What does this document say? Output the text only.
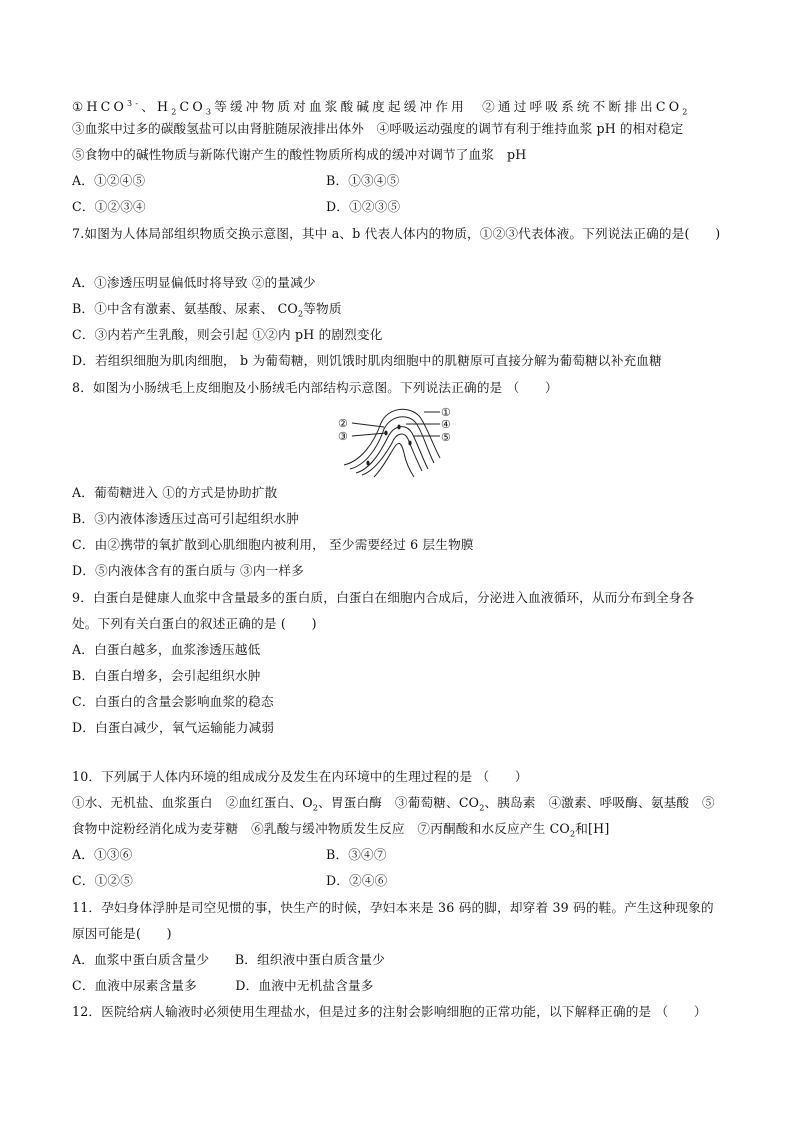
$①HCO^{3-}$、$H_2CO_3$等缓冲物质对血浆酸碱度起缓冲作用 ②通过呼吸系统不断排出$CO_2$
③血浆中过多的碳酸氢盐可以由肾脏随尿液排出体外　④呼吸运动强度的调节有利于维持血浆 pH 的相对稳定
⑤食物中的碱性物质与新陈代谢产生的酸性物质所构成的缓冲对调节了血浆　pH
A．①②④⑤	B．①③④⑤
C．①②③④	D．①②③⑤
7.如图为人体局部组织物质交换示意图，其中 a、b 代表人体内的物质，①②③代表体液。下列说法正确的是(　　)
A．①渗透压明显偏低时将导致 ②的量减少
B．①中含有激素、氨基酸、尿素、 $CO_2$等物质
C．③内若产生乳酸，则会引起 ①②内 pH 的剧烈变化
D．若组织细胞为肌肉细胞， b 为葡萄糖，则饥饿时肌肉细胞中的肌糖原可直接分解为葡萄糖以补充血糖
8．如图为小肠绒毛上皮细胞及小肠绒毛内部结构示意图。下列说法正确的是 （　　）
①
②
③
④
⑤
A．葡萄糖进入 ①的方式是协助扩散
B．③内液体渗透压过高可引起组织水肿
C．由②携带的氧扩散到心肌细胞内被利用， 至少需要经过 6 层生物膜
D．⑤内液体含有的蛋白质与 ③内一样多
9．白蛋白是健康人血浆中含量最多的蛋白质，白蛋白在细胞内合成后，分泌进入血液循环，从而分布到全身各
处。下列有关白蛋白的叙述正确的是 (　　)
A．白蛋白越多，血浆渗透压越低
B．白蛋白增多，会引起组织水肿
C．白蛋白的含量会影响血浆的稳态
D．白蛋白减少，氧气运输能力减弱
10．下列属于人体内环境的组成成分及发生在内环境中的生理过程的是 （　　）
①水、无机盐、血浆蛋白　②血红蛋白、$O_2$、胃蛋白酶　③葡萄糖、$CO_2$、胰岛素　④激素、呼吸酶、氨基酸　⑤
食物中淀粉经消化成为麦芽糖　⑥乳酸与缓冲物质发生反应　⑦丙酮酸和水反应产生 $CO_2$和[H]
A．①③⑥	B．③④⑦
C．①②⑤	D．②④⑥
11．孕妇身体浮肿是司空见惯的事，快生产的时候，孕妇本来是 36 码的脚，却穿着 39 码的鞋。产生这种现象的
原因可能是(　　)
A．血浆中蛋白质含量少　　B．组织液中蛋白质含量少
C．血液中尿素含量多　　　D．血液中无机盐含量多
12．医院给病人输液时必须使用生理盐水，但是过多的注射会影响细胞的正常功能，以下解释正确的是 （　　）
